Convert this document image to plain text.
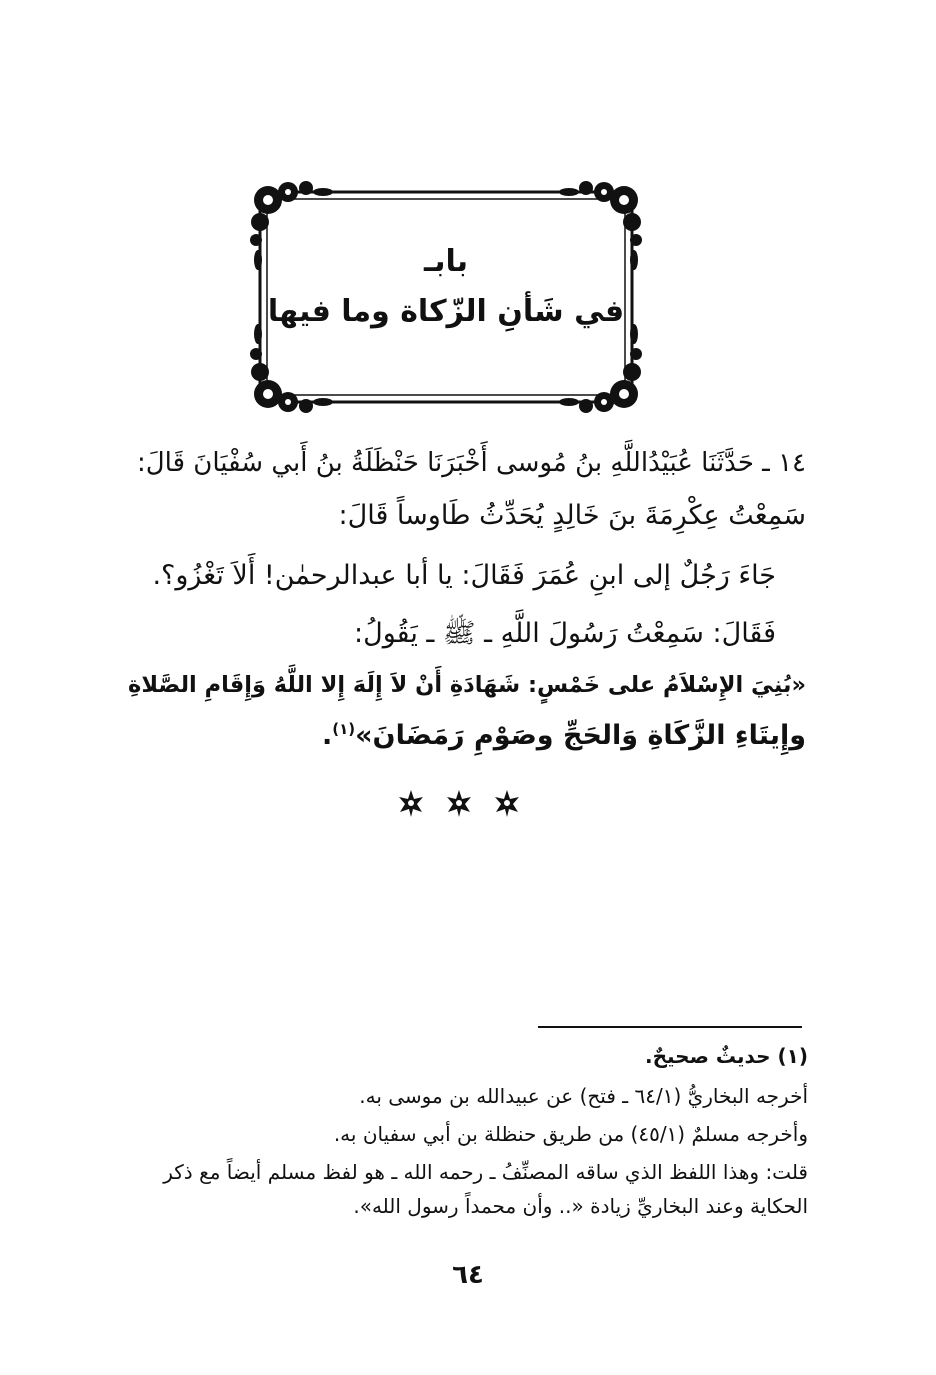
بابـ
في شَأنِ الزّكاة وما فيها
١٤ ـ حَدَّثَنَا عُبَيْدُاللَّهِ بنُ مُوسى أَخْبَرَنَا حَنْظَلَةُ بنُ أَبي سُفْيَانَ قَالَ:
سَمِعْتُ عِكْرِمَةَ بنَ خَالِدٍ يُحَدِّثُ طَاوساً قَالَ:
جَاءَ رَجُلٌ إلى ابنِ عُمَرَ فَقَالَ: يا أبا عبدالرحمٰن! أَلاَ تَغْزُو؟.
فَقَالَ: سَمِعْتُ رَسُولَ اللَّهِ ـ ﷺ ـ يَقُولُ:
«بُنِيَ الإِسْلاَمُ على خَمْسٍ: شَهَادَةِ أَنْ لاَ إِلَهَ إِلا اللَّهُ وَإِقَامِ الصَّلاةِ
وإِيتَاءِ الزَّكَاةِ وَالحَجِّ وصَوْمِ رَمَضَانَ»$^{(١)}$.
(١) حديثٌ صحيحٌ.
أخرجه البخاريُّ (٦٤/١ ـ فتح) عن عبيدالله بن موسى به.
وأخرجه مسلمٌ (٤٥/١) من طريق حنظلة بن أبي سفيان به.
قلت: وهذا اللفظ الذي ساقه المصنِّفُ ـ رحمه الله ـ هو لفظ مسلم أيضاً مع ذكر
الحكاية وعند البخاريِّ زيادة «.. وأن محمداً رسول الله».
٦٤
